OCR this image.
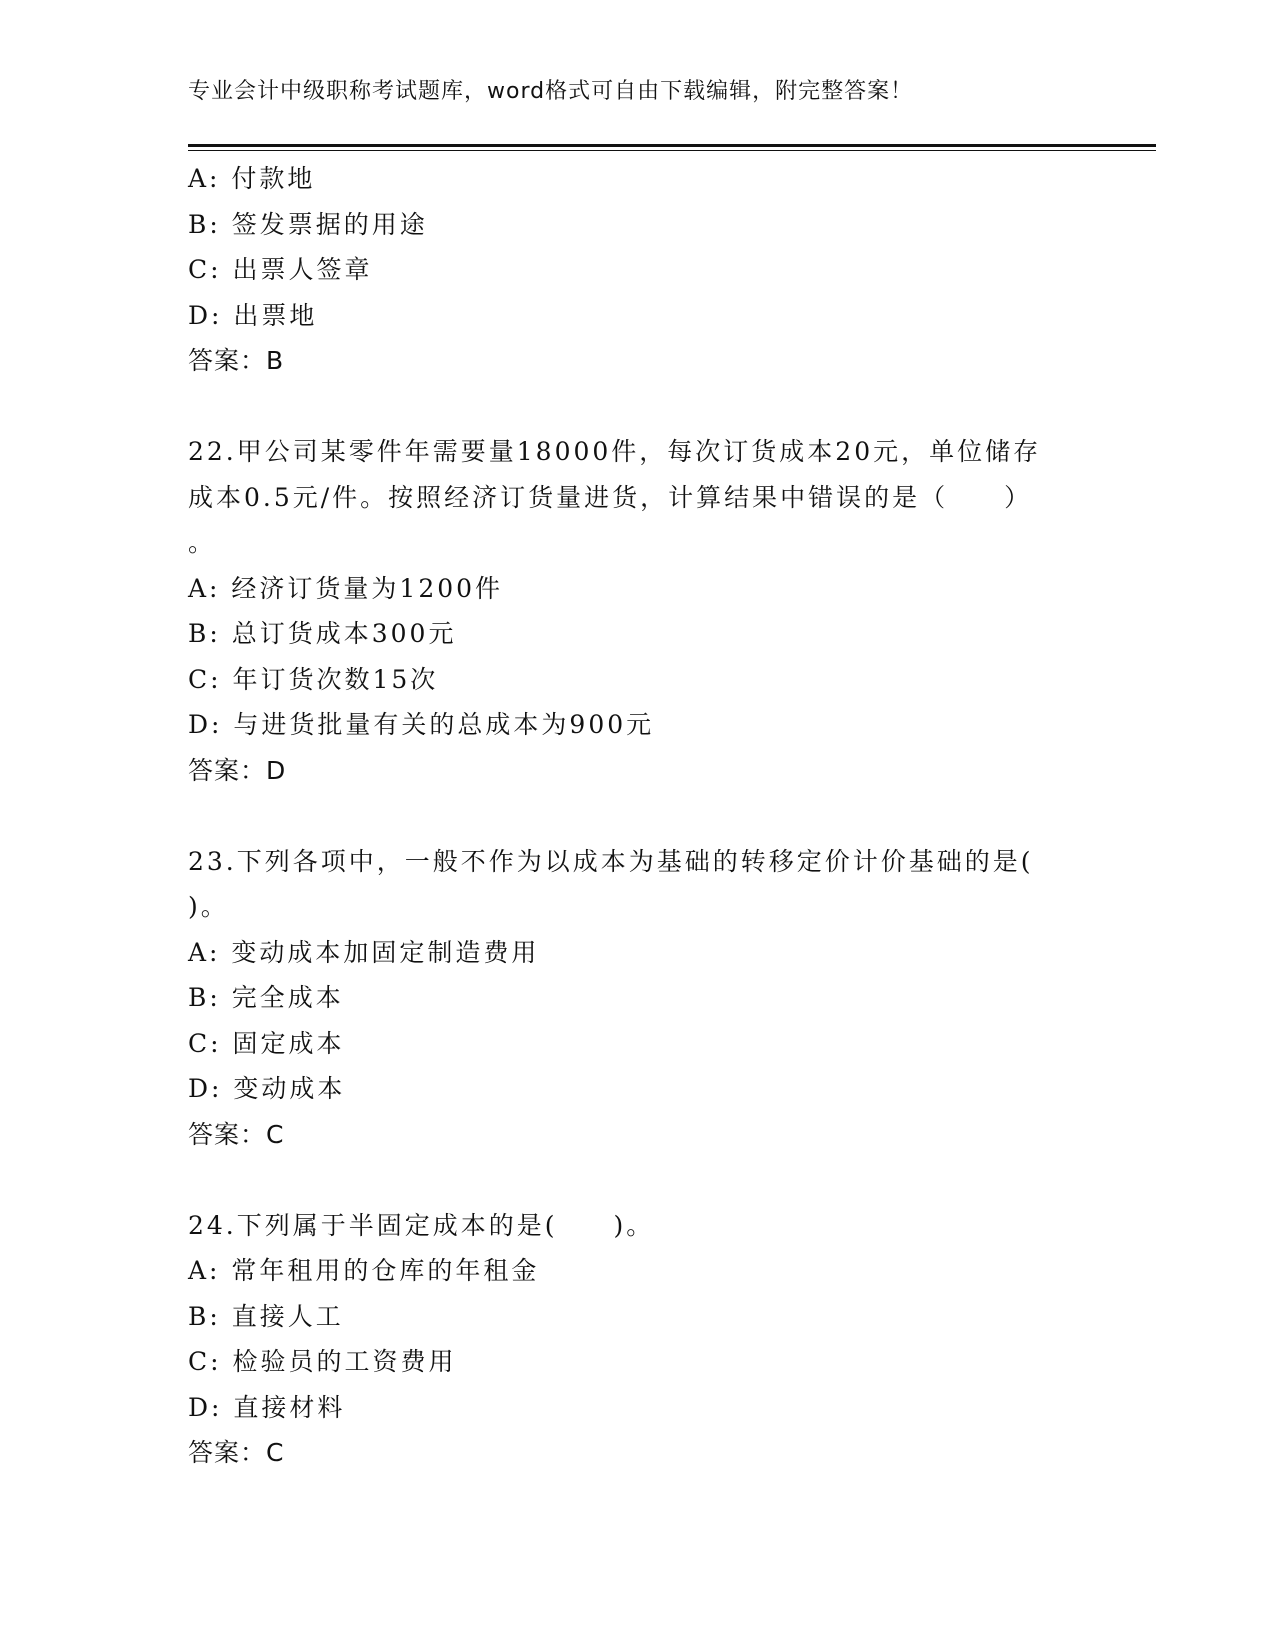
专业会计中级职称考试题库，word格式可自由下载编辑，附完整答案！
A: 付款地
B: 签发票据的用途
C: 出票人签章
D: 出票地
答案：B
22.甲公司某零件年需要量18000件，每次订货成本20元，单位储存
成本0.5元/件。按照经济订货量进货，计算结果中错误的是（　　）
。
A: 经济订货量为1200件
B: 总订货成本300元
C: 年订货次数15次
D: 与进货批量有关的总成本为900元
答案：D
23.下列各项中，一般不作为以成本为基础的转移定价计价基础的是(
)。
A: 变动成本加固定制造费用
B: 完全成本
C: 固定成本
D: 变动成本
答案：C
24.下列属于半固定成本的是(　　)。
A: 常年租用的仓库的年租金
B: 直接人工
C: 检验员的工资费用
D: 直接材料
答案：C
